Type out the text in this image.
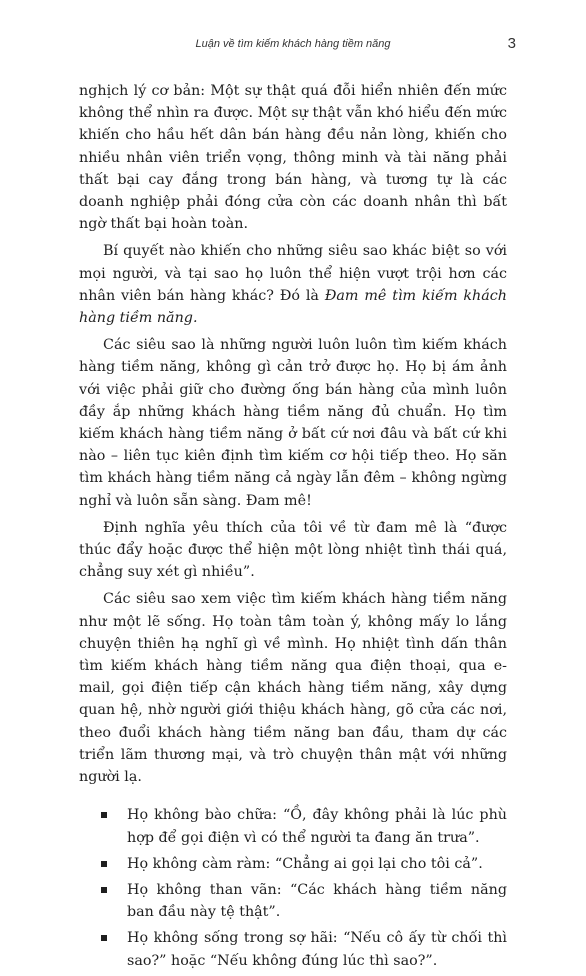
Luận về tìm kiếm khách hàng tiềm năng	3

nghịch lý cơ bản: Một sự thật quá đỗi hiển nhiên đến mức không thể nhìn ra được. Một sự thật vẫn khó hiểu đến mức khiến cho hầu hết dân bán hàng đều nản lòng, khiến cho nhiều nhân viên triển vọng, thông minh và tài năng phải thất bại cay đắng trong bán hàng, và tương tự là các doanh nghiệp phải đóng cửa còn các doanh nhân thì bất ngờ thất bại hoàn toàn.

Bí quyết nào khiến cho những siêu sao khác biệt so với mọi người, và tại sao họ luôn thể hiện vượt trội hơn các nhân viên bán hàng khác? Đó là Đam mê tìm kiếm khách hàng tiềm năng.

Các siêu sao là những người luôn luôn tìm kiếm khách hàng tiềm năng, không gì cản trở được họ. Họ bị ám ảnh với việc phải giữ cho đường ống bán hàng của mình luôn đầy ắp những khách hàng tiềm năng đủ chuẩn. Họ tìm kiếm khách hàng tiềm năng ở bất cứ nơi đâu và bất cứ khi nào – liên tục kiên định tìm kiếm cơ hội tiếp theo. Họ săn tìm khách hàng tiềm năng cả ngày lẫn đêm – không ngừng nghỉ và luôn sẵn sàng. Đam mê!

Định nghĩa yêu thích của tôi về từ đam mê là “được thúc đẩy hoặc được thể hiện một lòng nhiệt tình thái quá, chẳng suy xét gì nhiều”.

Các siêu sao xem việc tìm kiếm khách hàng tiềm năng như một lẽ sống. Họ toàn tâm toàn ý, không mấy lo lắng chuyện thiên hạ nghĩ gì về mình. Họ nhiệt tình dấn thân tìm kiếm khách hàng tiềm năng qua điện thoại, qua e-mail, gọi điện tiếp cận khách hàng tiềm năng, xây dựng quan hệ, nhờ người giới thiệu khách hàng, gõ cửa các nơi, theo đuổi khách hàng tiềm năng ban đầu, tham dự các triển lãm thương mại, và trò chuyện thân mật với những người lạ.

Họ không bào chữa: “Ồ, đây không phải là lúc phù hợp để gọi điện vì có thể người ta đang ăn trưa”.
Họ không càm ràm: “Chẳng ai gọi lại cho tôi cả”.
Họ không than vãn: “Các khách hàng tiềm năng ban đầu này tệ thật”.
Họ không sống trong sợ hãi: “Nếu cô ấy từ chối thì sao?” hoặc “Nếu không đúng lúc thì sao?”.
